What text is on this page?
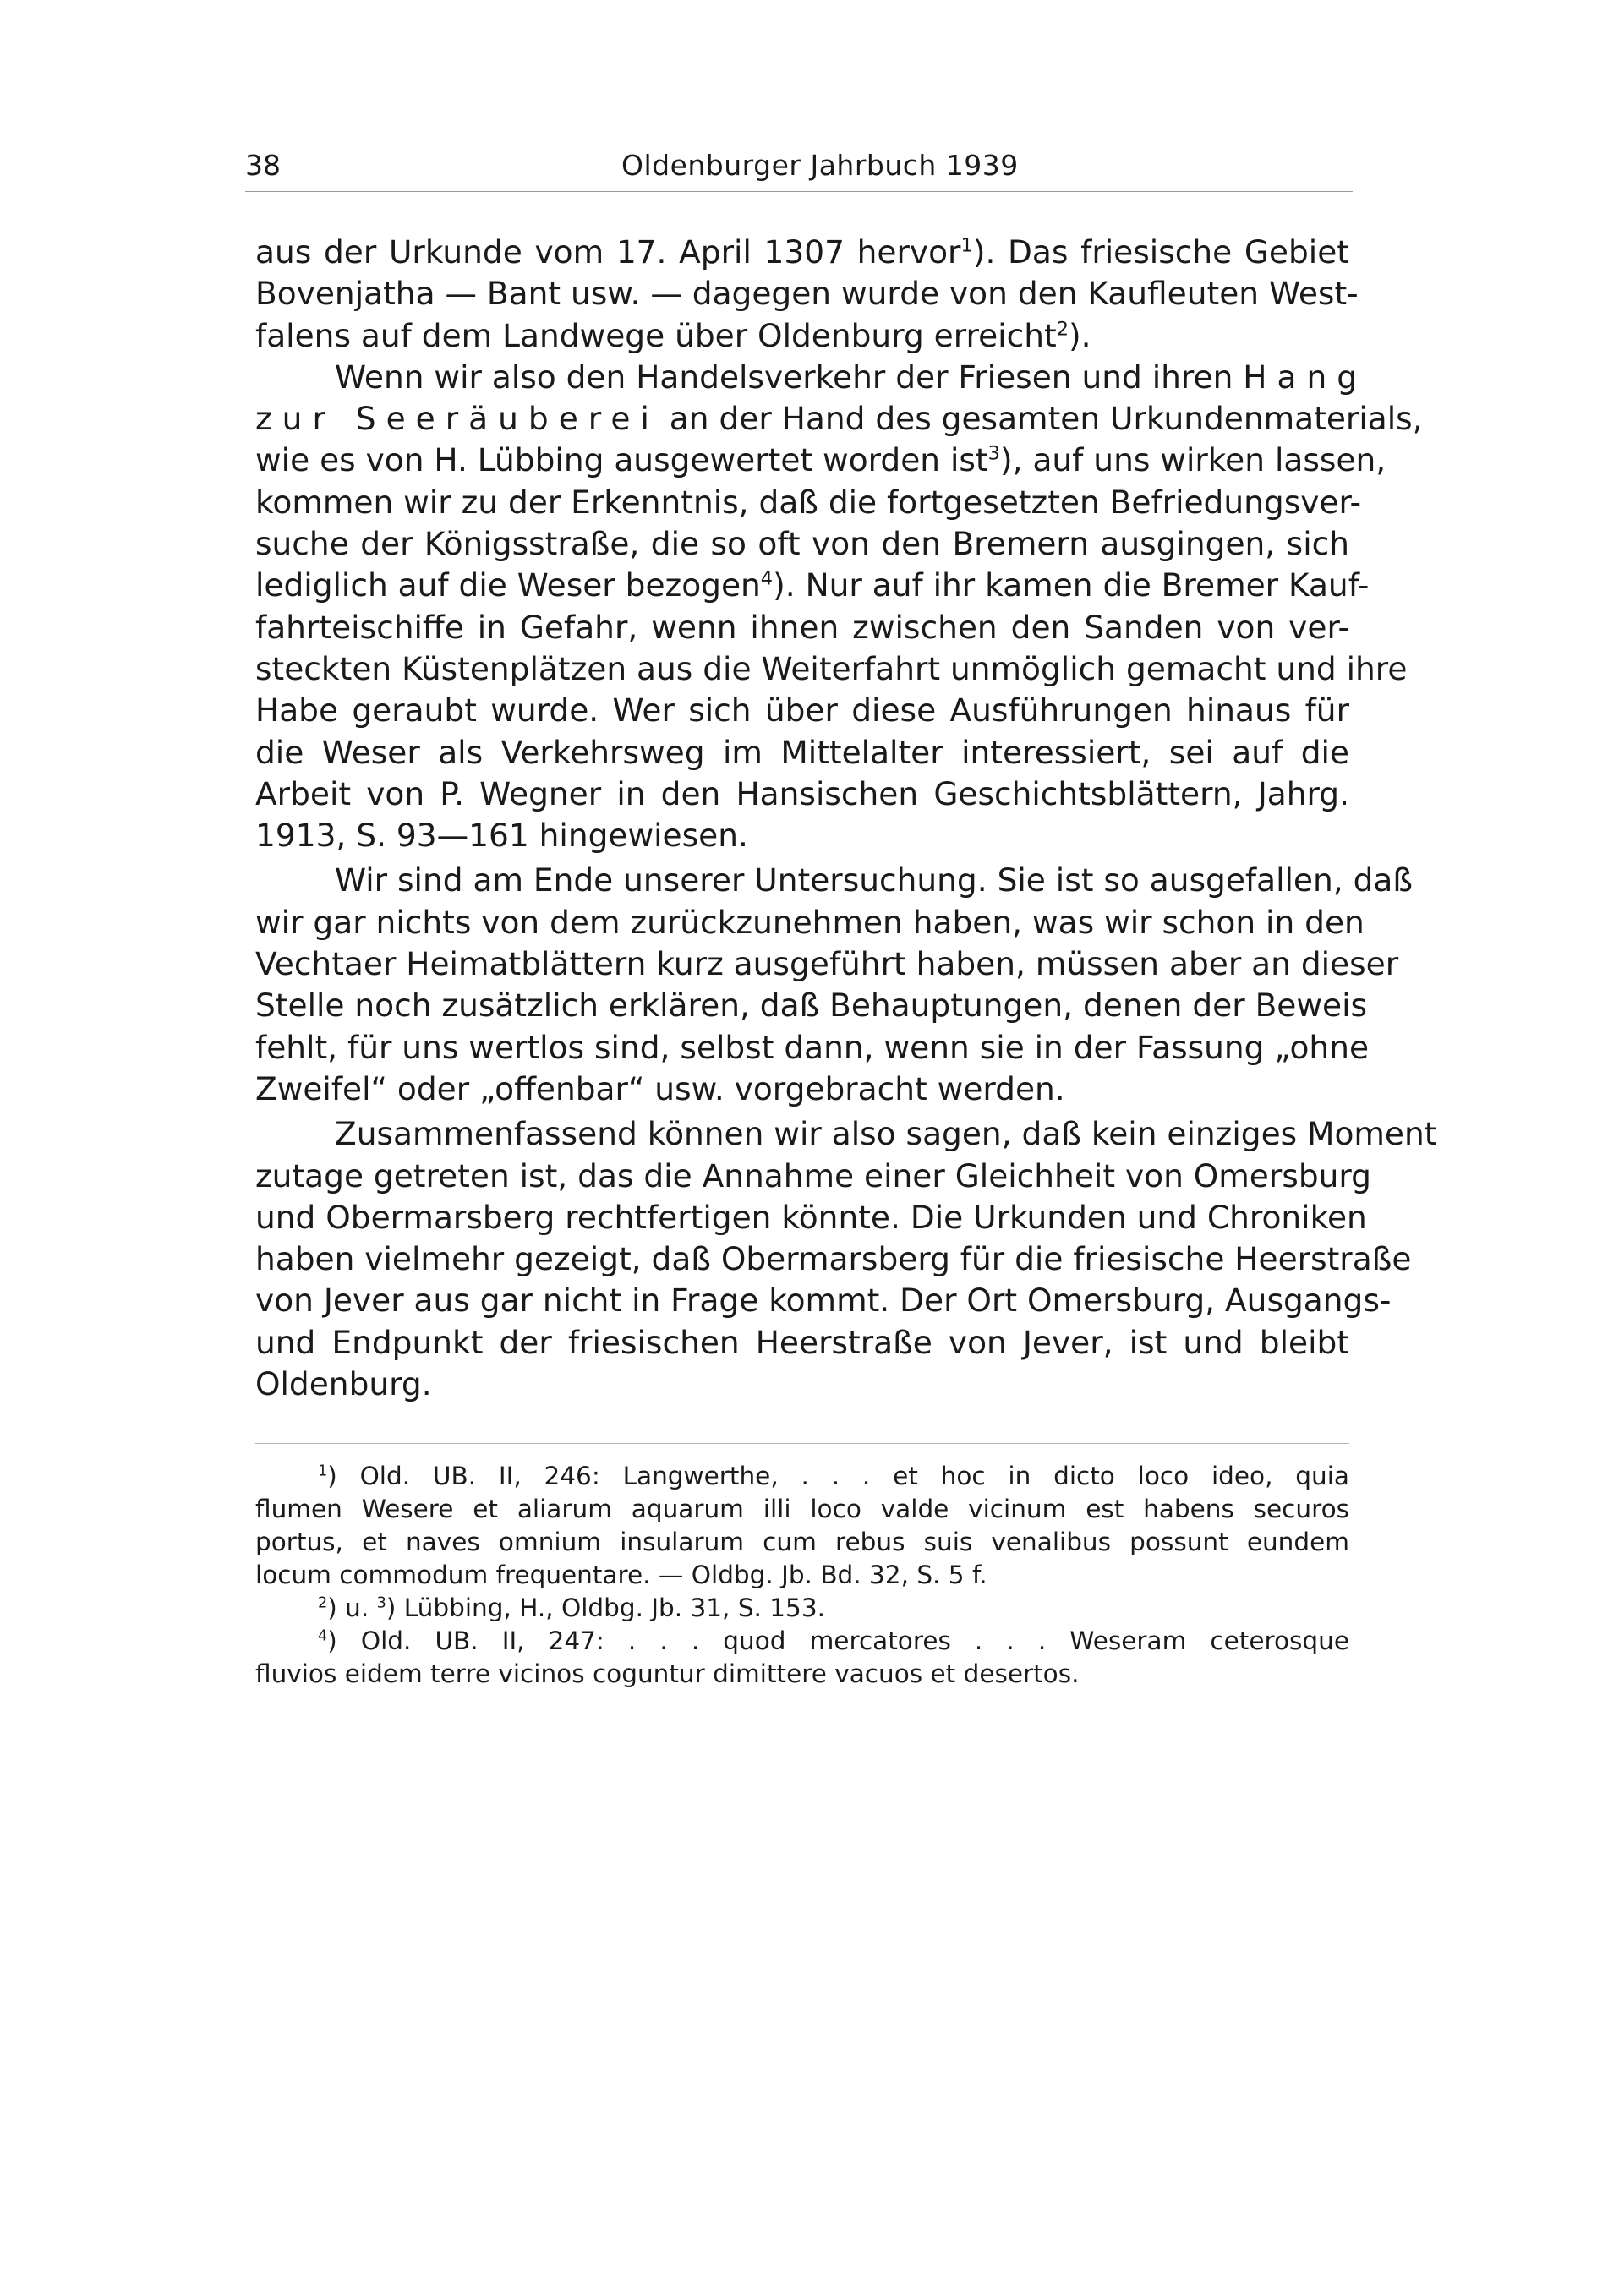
38	Oldenburger Jahrbuch 1939
aus der Urkunde vom 17. April 1307 hervor$^1$). Das friesische Gebiet
Bovenjatha — Bant usw. — dagegen wurde von den Kaufleuten West-
falens auf dem Landwege über Oldenburg erreicht$^2$).
Wenn wir also den Handelsverkehr der Friesen und ihren Hang
zur Seeräuberei an der Hand des gesamten Urkundenmaterials,
wie es von H. Lübbing ausgewertet worden ist$^3$), auf uns wirken lassen,
kommen wir zu der Erkenntnis, daß die fortgesetzten Befriedungsver-
suche der Königsstraße, die so oft von den Bremern ausgingen, sich
lediglich auf die Weser bezogen$^4$). Nur auf ihr kamen die Bremer Kauf-
fahrteischiffe in Gefahr, wenn ihnen zwischen den Sanden von ver-
steckten Küstenplätzen aus die Weiterfahrt unmöglich gemacht und ihre
Habe geraubt wurde. Wer sich über diese Ausführungen hinaus für
die Weser als Verkehrsweg im Mittelalter interessiert, sei auf die
Arbeit von P. Wegner in den Hansischen Geschichtsblättern, Jahrg.
1913, S. 93—161 hingewiesen.
Wir sind am Ende unserer Untersuchung. Sie ist so ausgefallen, daß
wir gar nichts von dem zurückzunehmen haben, was wir schon in den
Vechtaer Heimatblättern kurz ausgeführt haben, müssen aber an dieser
Stelle noch zusätzlich erklären, daß Behauptungen, denen der Beweis
fehlt, für uns wertlos sind, selbst dann, wenn sie in der Fassung „ohne
Zweifel“ oder „offenbar“ usw. vorgebracht werden.
Zusammenfassend können wir also sagen, daß kein einziges Moment
zutage getreten ist, das die Annahme einer Gleichheit von Omersburg
und Obermarsberg rechtfertigen könnte. Die Urkunden und Chroniken
haben vielmehr gezeigt, daß Obermarsberg für die friesische Heerstraße
von Jever aus gar nicht in Frage kommt. Der Ort Omersburg, Ausgangs-
und Endpunkt der friesischen Heerstraße von Jever, ist und bleibt
Oldenburg.
$^1$) Old. UB. II, 246: Langwerthe, . . . et hoc in dicto loco ideo, quia
flumen Wesere et aliarum aquarum illi loco valde vicinum est habens securos
portus, et naves omnium insularum cum rebus suis venalibus possunt eundem
locum commodum frequentare. — Oldbg. Jb. Bd. 32, S. 5 f.
$^2$) u. $^3$) Lübbing, H., Oldbg. Jb. 31, S. 153.
$^4$) Old. UB. II, 247: . . . quod mercatores . . . Weseram ceterosque
fluvios eidem terre vicinos coguntur dimittere vacuos et desertos.
